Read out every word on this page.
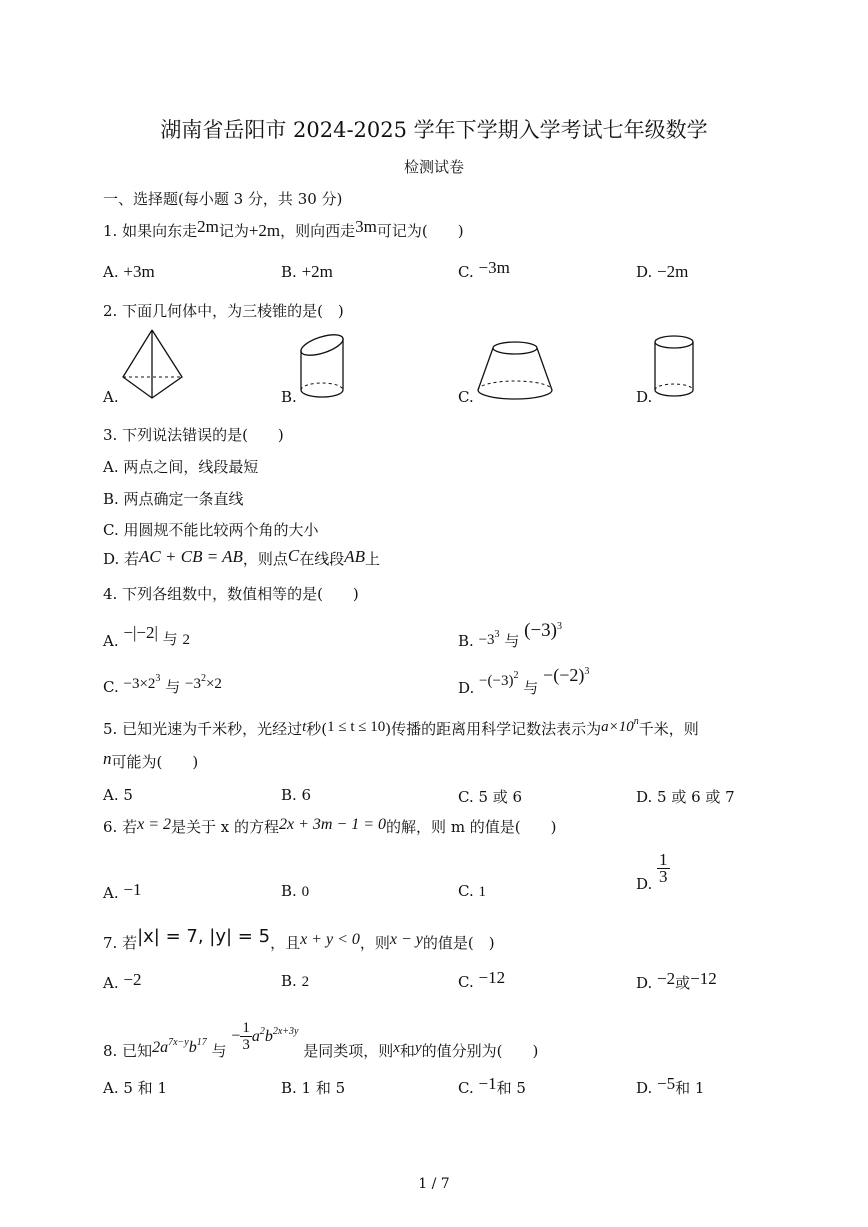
湖南省岳阳市 2024-2025 学年下学期入学考试七年级数学
检测试卷
一、选择题(每小题 3 分，共 30 分)
1. 如果向东走2m记为+2m，则向西走3m可记为(　　)
A. +3m	B. +2m	C. −3m	D. −2m
2. 下面几何体中，为三棱锥的是(　)
A.	B.	C.	D.
3. 下列说法错误的是(　　)
A. 两点之间，线段最短
B. 两点确定一条直线
C. 用圆规不能比较两个角的大小
D. 若AC + CB = AB，则点C在线段AB上
4. 下列各组数中，数值相等的是(　　)
A. −|−2| 与 2	B. $-3^3$ 与 $(-3)^3$
C. $-3\times 2^3$ 与 $-3^2\times 2$	D. $-(-3)^2$ 与 $-(-2)^3$
5. 已知光速为千米秒，光经过t秒(1 ≤ t ≤ 10)传播的距离用科学记数法表示为$a\times 10^n$千米，则
n可能为(　　)
A. 5	B. 6	C. 5 或 6	D. 5 或 6 或 7
6. 若x = 2是关于 x 的方程2x + 3m − 1 = 0的解，则 m 的值是(　　)
A. −1	B. 0	C. 1	D. $\frac{1}{3}$
7. 若|x| = 7, |y| = 5，且x + y < 0，则x − y的值是(　)
A. −2	B. 2	C. −12	D. −2或−12
8. 已知$2a^{7x-y}b^{17}$ 与 − $\frac{1}{3} a^2b^{2x+3y}$ 是同类项，则x和y的值分别为(　　)
A. 5 和 1	B. 1 和 5	C. −1和 5	D. −5和 1
1 / 7
